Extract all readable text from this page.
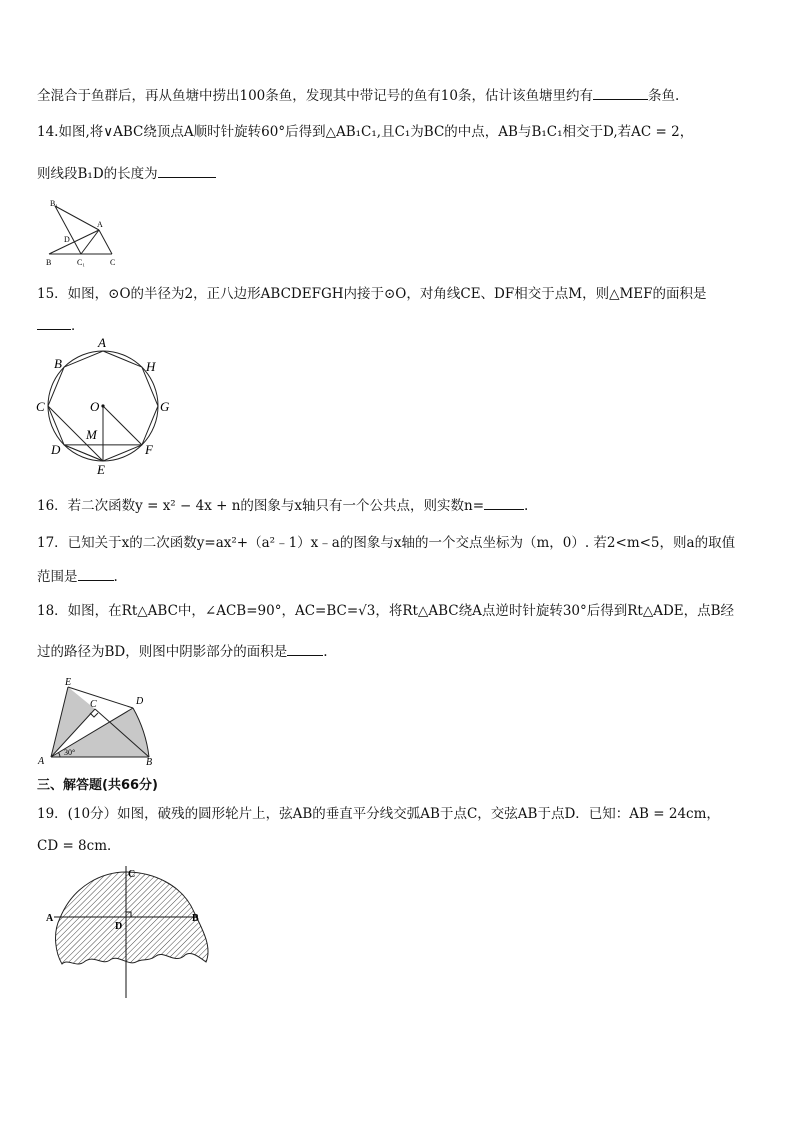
全混合于鱼群后，再从鱼塘中捞出100条鱼，发现其中带记号的鱼有10条，估计该鱼塘里约有	条鱼.
14.如图,将∨ABC绕顶点A顺时针旋转60°后得到△AB₁C₁,且C₁为BC的中点，AB与B₁C₁相交于D,若AC = 2，
则线段B₁D的长度为
B₁
A
D
B	C₁	C
15．如图，⊙O的半径为2，正八边形ABCDEFGH内接于⊙O，对角线CE、DF相交于点M，则△MEF的面积是
．
A
B	H
C	O	G
M
D	F
E
16．若二次函数y = x² − 4x + n的图象与x轴只有一个公共点，则实数n=	.
17．已知关于x的二次函数y=ax²+（a²﹣1）x﹣a的图象与x轴的一个交点坐标为（m，0）. 若2<m<5，则a的取值
范围是	.
18．如图，在Rt△ABC中，∠ACB=90°，AC=BC=√3，将Rt△ABC绕A点逆时针旋转30°后得到Rt△ADE，点B经
过的路径为BD，则图中阴影部分的面积是	.
E
C	D
A	B
30°
三、解答题(共66分)
19．(10分）如图，破残的圆形轮片上，弦AB的垂直平分线交弧AB于点C，交弦AB于点D．已知：AB = 24cm，
CD = 8cm．
C
A	B
D
